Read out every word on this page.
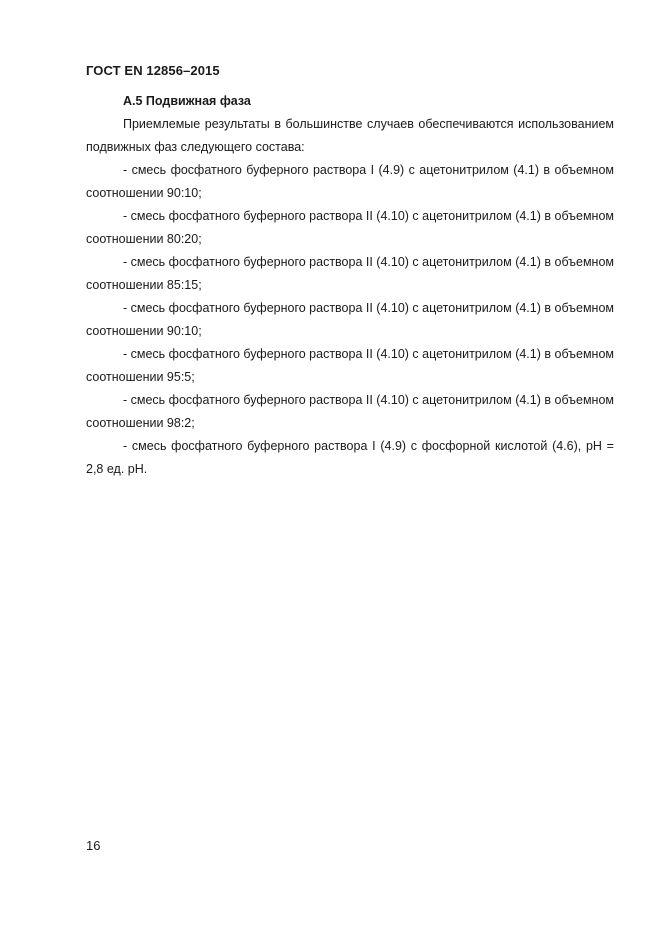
ГОСТ EN 12856–2015

А.5 Подвижная фаза

Приемлемые результаты в большинстве случаев обеспечиваются использованием подвижных фаз следующего состава:

- смесь фосфатного буферного раствора I (4.9) с ацетонитрилом (4.1) в объемном соотношении 90:10;

- смесь фосфатного буферного раствора II (4.10) с ацетонитрилом (4.1) в объемном соотношении 80:20;

- смесь фосфатного буферного раствора II (4.10) с ацетонитрилом (4.1) в объемном соотношении 85:15;

- смесь фосфатного буферного раствора II (4.10) с ацетонитрилом (4.1) в объемном соотношении 90:10;

- смесь фосфатного буферного раствора II (4.10) с ацетонитрилом (4.1) в объемном соотношении 95:5;

- смесь фосфатного буферного раствора II (4.10) с ацетонитрилом (4.1) в объемном соотношении 98:2;

- смесь фосфатного буферного раствора I (4.9) с фосфорной кислотой (4.6), pH = 2,8 ед. pH.

16
